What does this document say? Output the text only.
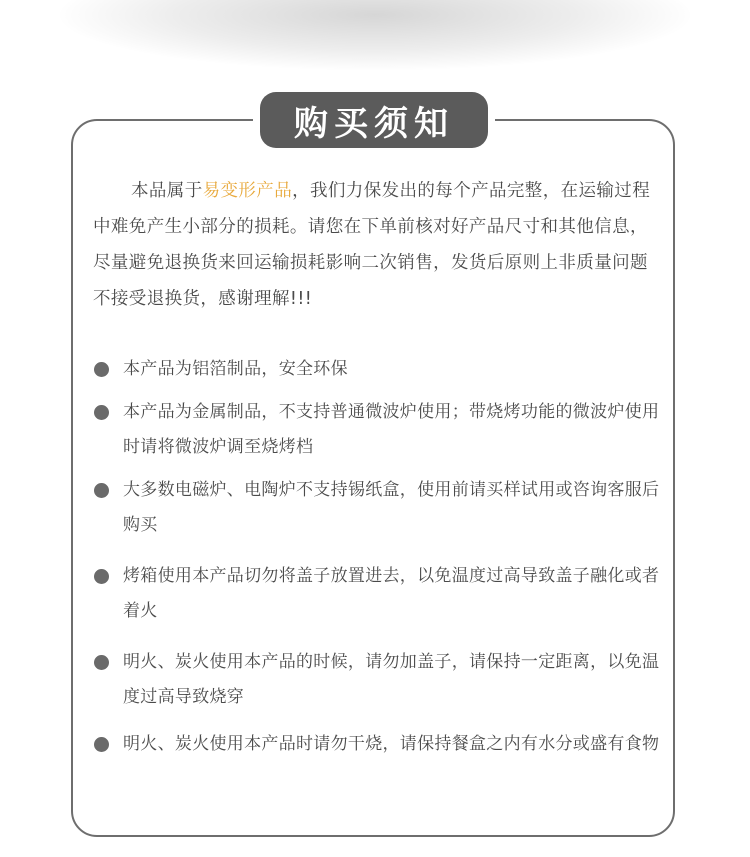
购买须知

本品属于易变形产品，我们力保发出的每个产品完整，在运输过程中难免产生小部分的损耗。请您在下单前核对好产品尺寸和其他信息，尽量避免退换货来回运输损耗影响二次销售，发货后原则上非质量问题不接受退换货，感谢理解!!!

本产品为铝箔制品，安全环保
本产品为金属制品，不支持普通微波炉使用；带烧烤功能的微波炉使用时请将微波炉调至烧烤档
大多数电磁炉、电陶炉不支持锡纸盒，使用前请买样试用或咨询客服后购买
烤箱使用本产品切勿将盖子放置进去，以免温度过高导致盖子融化或者着火
明火、炭火使用本产品的时候，请勿加盖子，请保持一定距离，以免温度过高导致烧穿
明火、炭火使用本产品时请勿干烧，请保持餐盒之内有水分或盛有食物
